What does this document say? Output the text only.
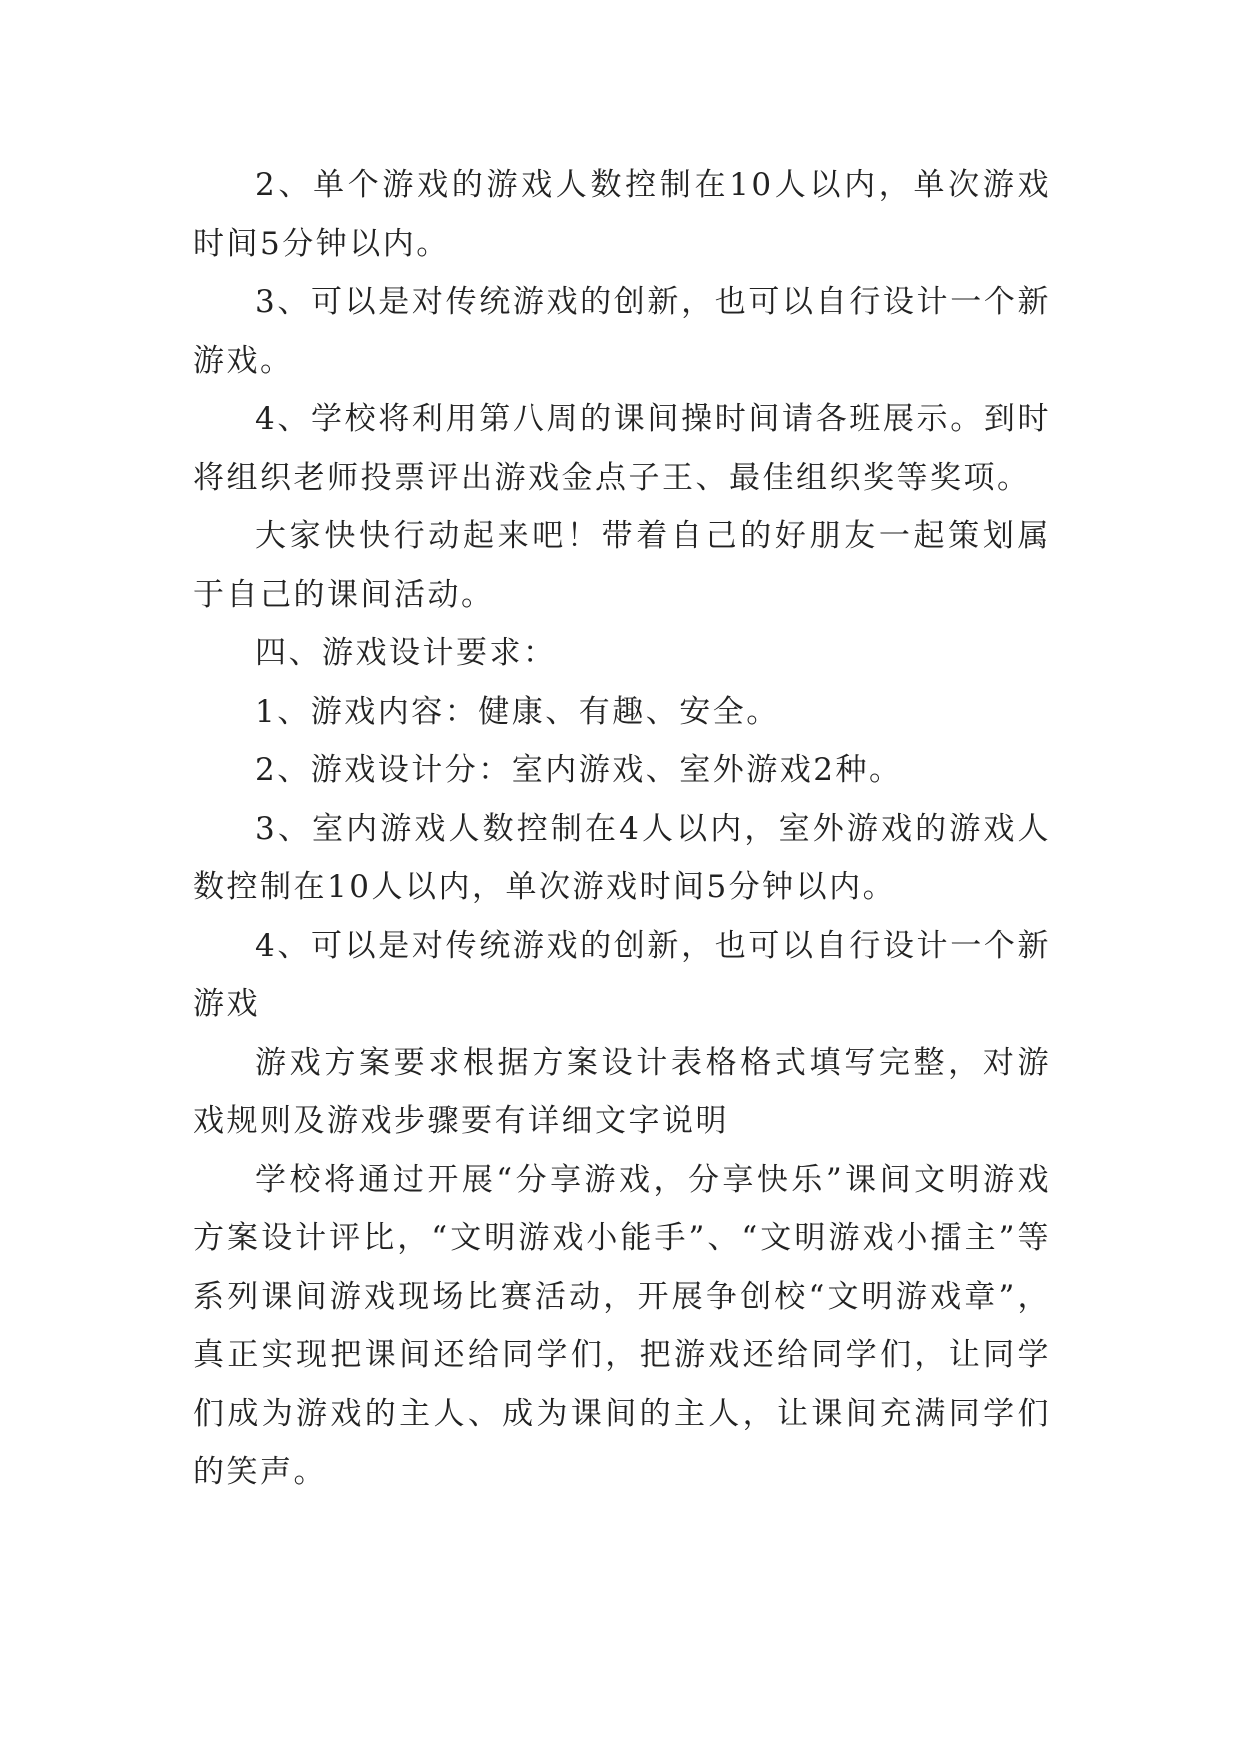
2、单个游戏的游戏人数控制在10人以内，单次游戏时间5分钟以内。

3、可以是对传统游戏的创新，也可以自行设计一个新游戏。

4、学校将利用第八周的课间操时间请各班展示。到时将组织老师投票评出游戏金点子王、最佳组织奖等奖项。

大家快快行动起来吧！带着自己的好朋友一起策划属于自己的课间活动。

四、游戏设计要求：

1、游戏内容：健康、有趣、安全。

2、游戏设计分：室内游戏、室外游戏2种。

3、室内游戏人数控制在4人以内，室外游戏的游戏人数控制在10人以内，单次游戏时间5分钟以内。

4、可以是对传统游戏的创新，也可以自行设计一个新游戏

游戏方案要求根据方案设计表格格式填写完整，对游戏规则及游戏步骤要有详细文字说明

学校将通过开展“分享游戏，分享快乐”课间文明游戏方案设计评比，“文明游戏小能手”、“文明游戏小擂主”等系列课间游戏现场比赛活动，开展争创校“文明游戏章”，真正实现把课间还给同学们，把游戏还给同学们，让同学们成为游戏的主人、成为课间的主人，让课间充满同学们的笑声。
